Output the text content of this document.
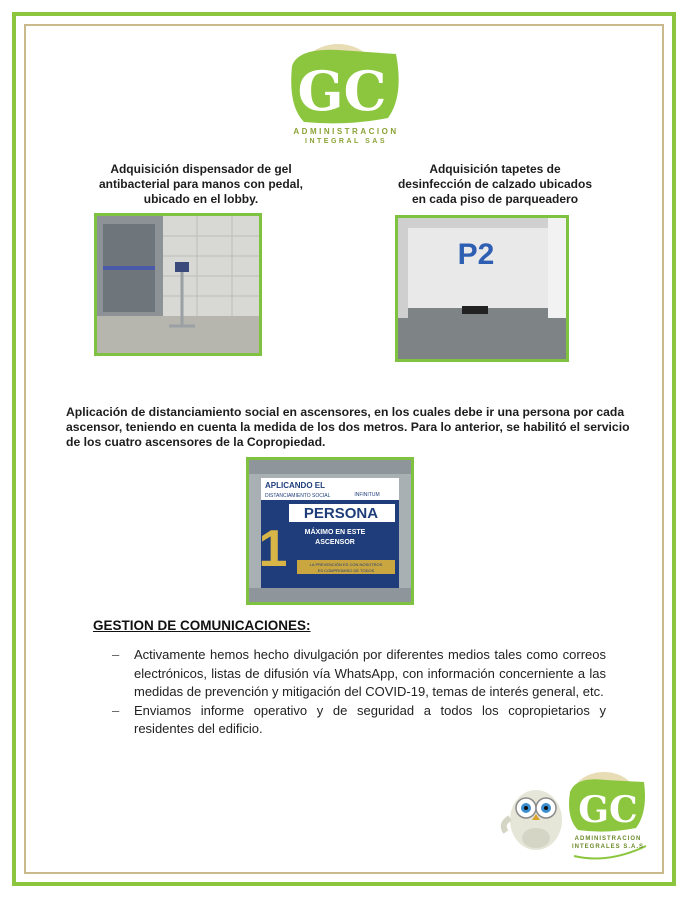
GC
ADMINISTRACION
INTEGRAL SAS
Adquisición dispensador de gel
antibacterial para manos con pedal,
ubicado en el lobby.
Adquisición tapetes de
desinfección de calzado ubicados
en cada piso de parqueadero
P2
Aplicación de distanciamiento social en ascensores, en los cuales debe ir una persona por cada ascensor, teniendo en cuenta la medida de los dos metros. Para lo anterior, se habilitó el servicio de los cuatro ascensores de la Copropiedad.
APLICANDO EL
DISTANCIAMIENTO SOCIAL	INFINITUM
PERSONA
1 MÁXIMO EN ESTE
ASCENSOR
LA PREVENCIÓN ES CON NOSOTROS
ES COMPROMISO DE TODOS
GESTION DE COMUNICACIONES:
– Activamente hemos hecho divulgación por diferentes medios tales como correos electrónicos, listas de difusión vía WhatsApp, con información concerniente a las medidas de prevención y mitigación del COVID-19, temas de interés general, etc.
– Enviamos informe operativo y de seguridad a todos los copropietarios y residentes del edificio.
GC
ADMINISTRACION
INTEGRALES S.A.S
